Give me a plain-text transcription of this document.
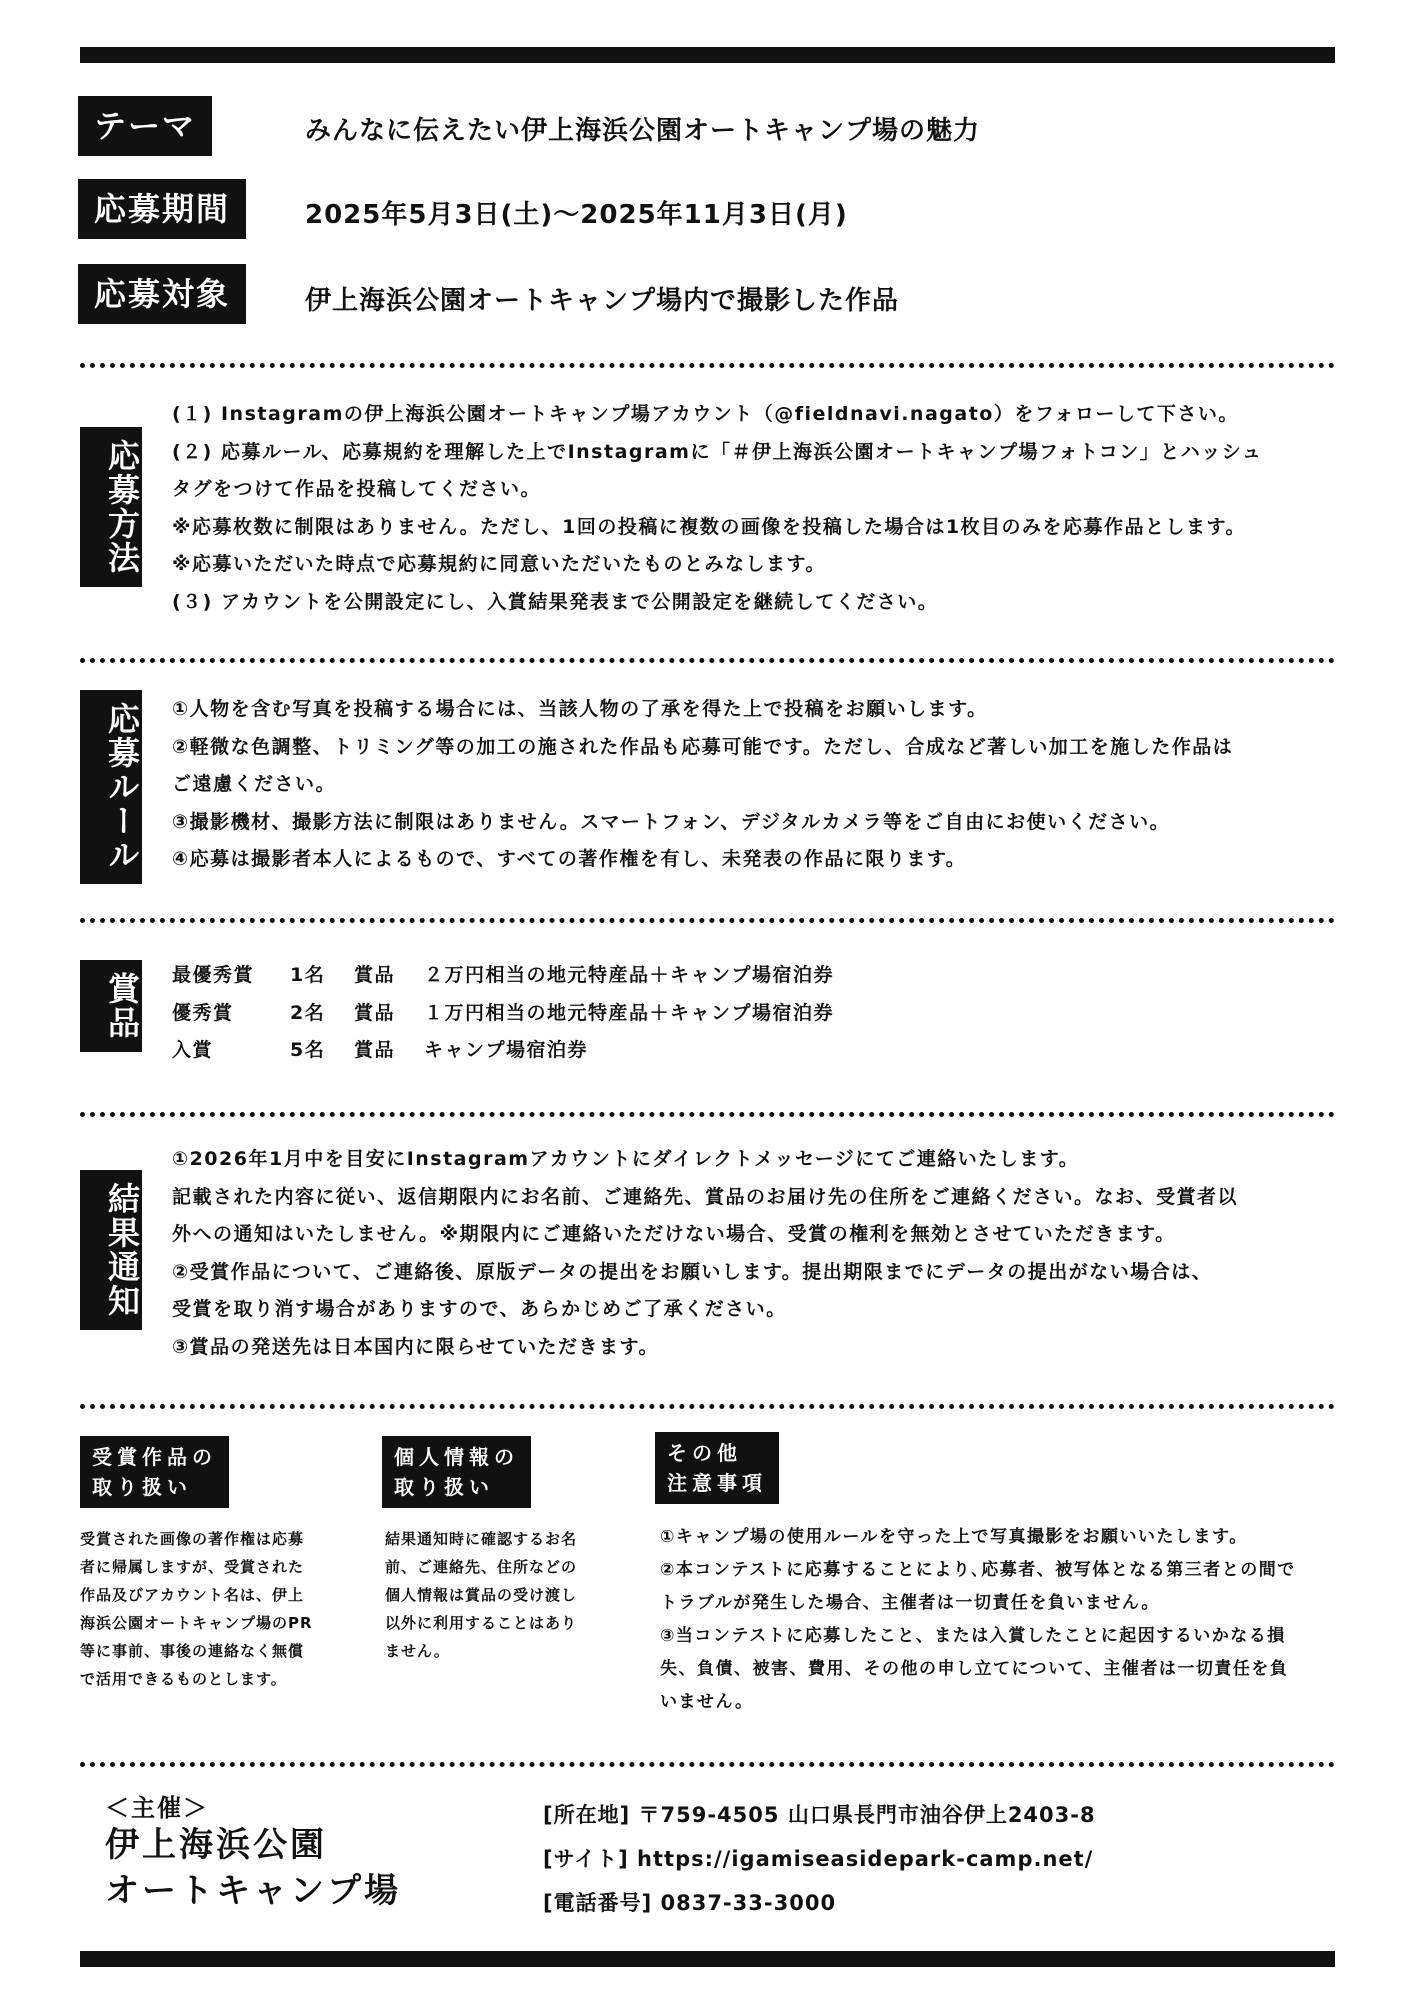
テーマ	みんなに伝えたい伊上海浜公園オートキャンプ場の魅力
応募期間	2025年5月3日(土)～2025年11月3日(月)
応募対象	伊上海浜公園オートキャンプ場内で撮影した作品
応募方法
(１) Instagramの伊上海浜公園オートキャンプ場アカウント（@fieldnavi.nagato）をフォローして下さい。
(２) 応募ルール、応募規約を理解した上でInstagramに「＃伊上海浜公園オートキャンプ場フォトコン」とハッシュ
タグをつけて作品を投稿してください。
※応募枚数に制限はありません。ただし、1回の投稿に複数の画像を投稿した場合は1枚目のみを応募作品とします。
※応募いただいた時点で応募規約に同意いただいたものとみなします。
(３) アカウントを公開設定にし、入賞結果発表まで公開設定を継続してください。
応募ルール ①人物を含む写真を投稿する場合には、当該人物の了承を得た上で投稿をお願いします。
②軽微な色調整、トリミング等の加工の施された作品も応募可能です。ただし、合成など著しい加工を施した作品は
ご遠慮ください。
③撮影機材、撮影方法に制限はありません。スマートフォン、デジタルカメラ等をご自由にお使いください。
④応募は撮影者本人によるもので、すべての著作権を有し、未発表の作品に限ります。
賞品 最優秀賞	1名	賞品	２万円相当の地元特産品＋キャンプ場宿泊券
優秀賞	2名	賞品	１万円相当の地元特産品＋キャンプ場宿泊券
入賞	5名	賞品	キャンプ場宿泊券
結果通知
①2026年1月中を目安にInstagramアカウントにダイレクトメッセージにてご連絡いたします。
記載された内容に従い、返信期限内にお名前、ご連絡先、賞品のお届け先の住所をご連絡ください。なお、受賞者以
外への通知はいたしません。※期限内にご連絡いただけない場合、受賞の権利を無効とさせていただきます。
②受賞作品について、ご連絡後、原版データの提出をお願いします。提出期限までにデータの提出がない場合は、
受賞を取り消す場合がありますので、あらかじめご了承ください。
③賞品の発送先は日本国内に限らせていただきます。
受賞作品の
取り扱い
受賞された画像の著作権は応募
者に帰属しますが、受賞された
作品及びアカウント名は、伊上
海浜公園オートキャンプ場のPR
等に事前、事後の連絡なく無償
で活用できるものとします。
個人情報の
取り扱い
結果通知時に確認するお名
前、ご連絡先、住所などの
個人情報は賞品の受け渡し
以外に利用することはあり
ません。
その他
注意事項
①キャンプ場の使用ルールを守った上で写真撮影をお願いいたします。
②本コンテストに応募することにより､応募者、被写体となる第三者との間で
トラブルが発生した場合、主催者は一切責任を負いません。
③当コンテストに応募したこと、または入賞したことに起因するいかなる損
失、負債、被害、費用、その他の申し立てについて、主催者は一切責任を負
いません。
＜主催＞
伊上海浜公園
オートキャンプ場
[所在地] 〒759-4505 山口県長門市油谷伊上2403-8
[サイト] https://igamiseasidepark-camp.net/
[電話番号] 0837-33-3000
